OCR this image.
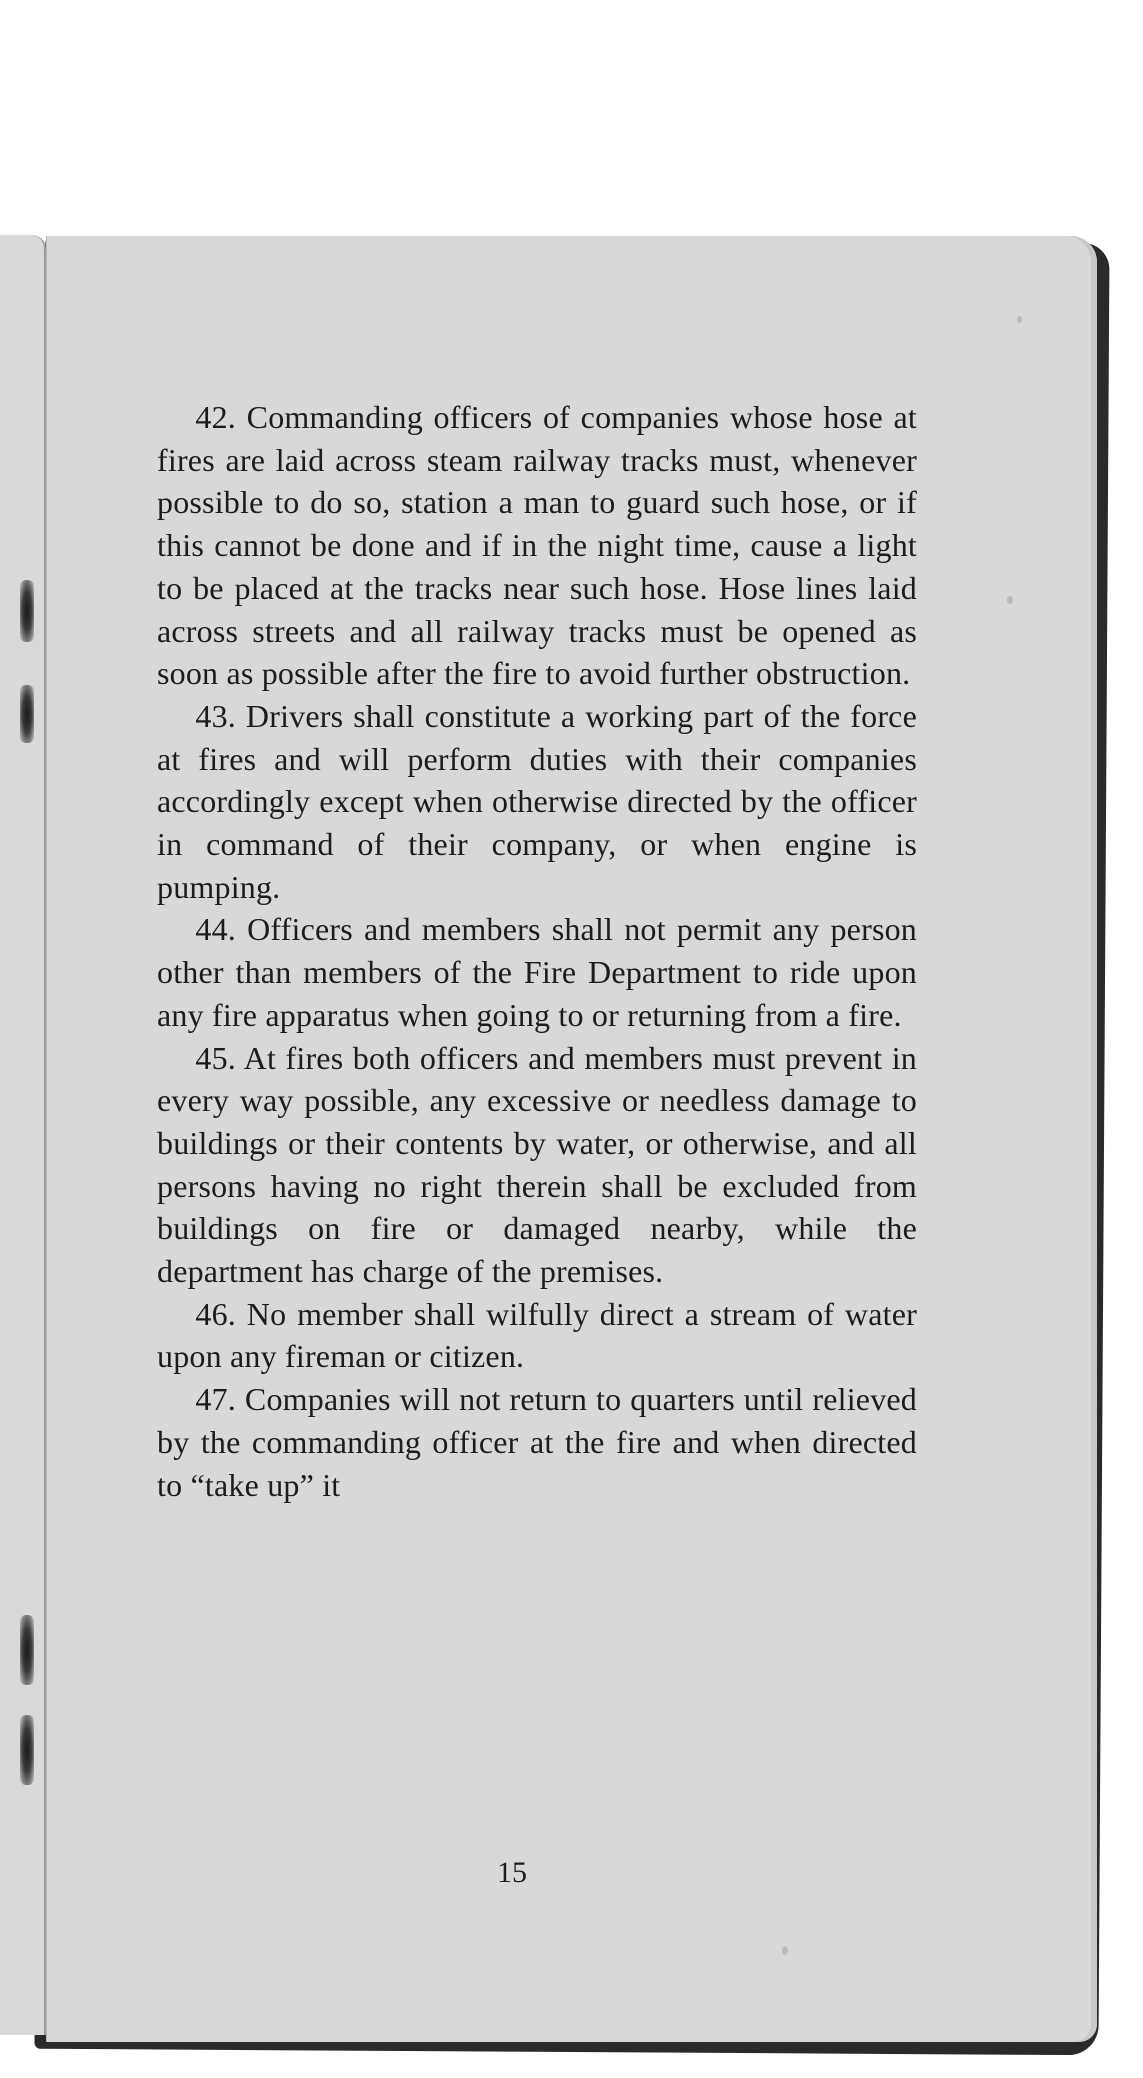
42. Commanding officers of companies whose hose at fires are laid across steam railway tracks must, whenever possible to do so, station a man to guard such hose, or if this cannot be done and if in the night time, cause a light to be placed at the tracks near such hose. Hose lines laid across streets and all railway tracks must be opened as soon as possible after the fire to avoid further obstruction.

43. Drivers shall constitute a working part of the force at fires and will perform duties with their companies accordingly except when otherwise directed by the officer in command of their company, or when engine is pumping.

44. Officers and members shall not permit any person other than members of the Fire Department to ride upon any fire apparatus when going to or returning from a fire.

45. At fires both officers and members must prevent in every way possible, any excessive or needless damage to buildings or their contents by water, or otherwise, and all persons having no right therein shall be excluded from buildings on fire or damaged nearby, while the department has charge of the premises.

46. No member shall wilfully direct a stream of water upon any fireman or citizen.

47. Companies will not return to quarters until relieved by the commanding officer at the fire and when directed to “take up” it

15
